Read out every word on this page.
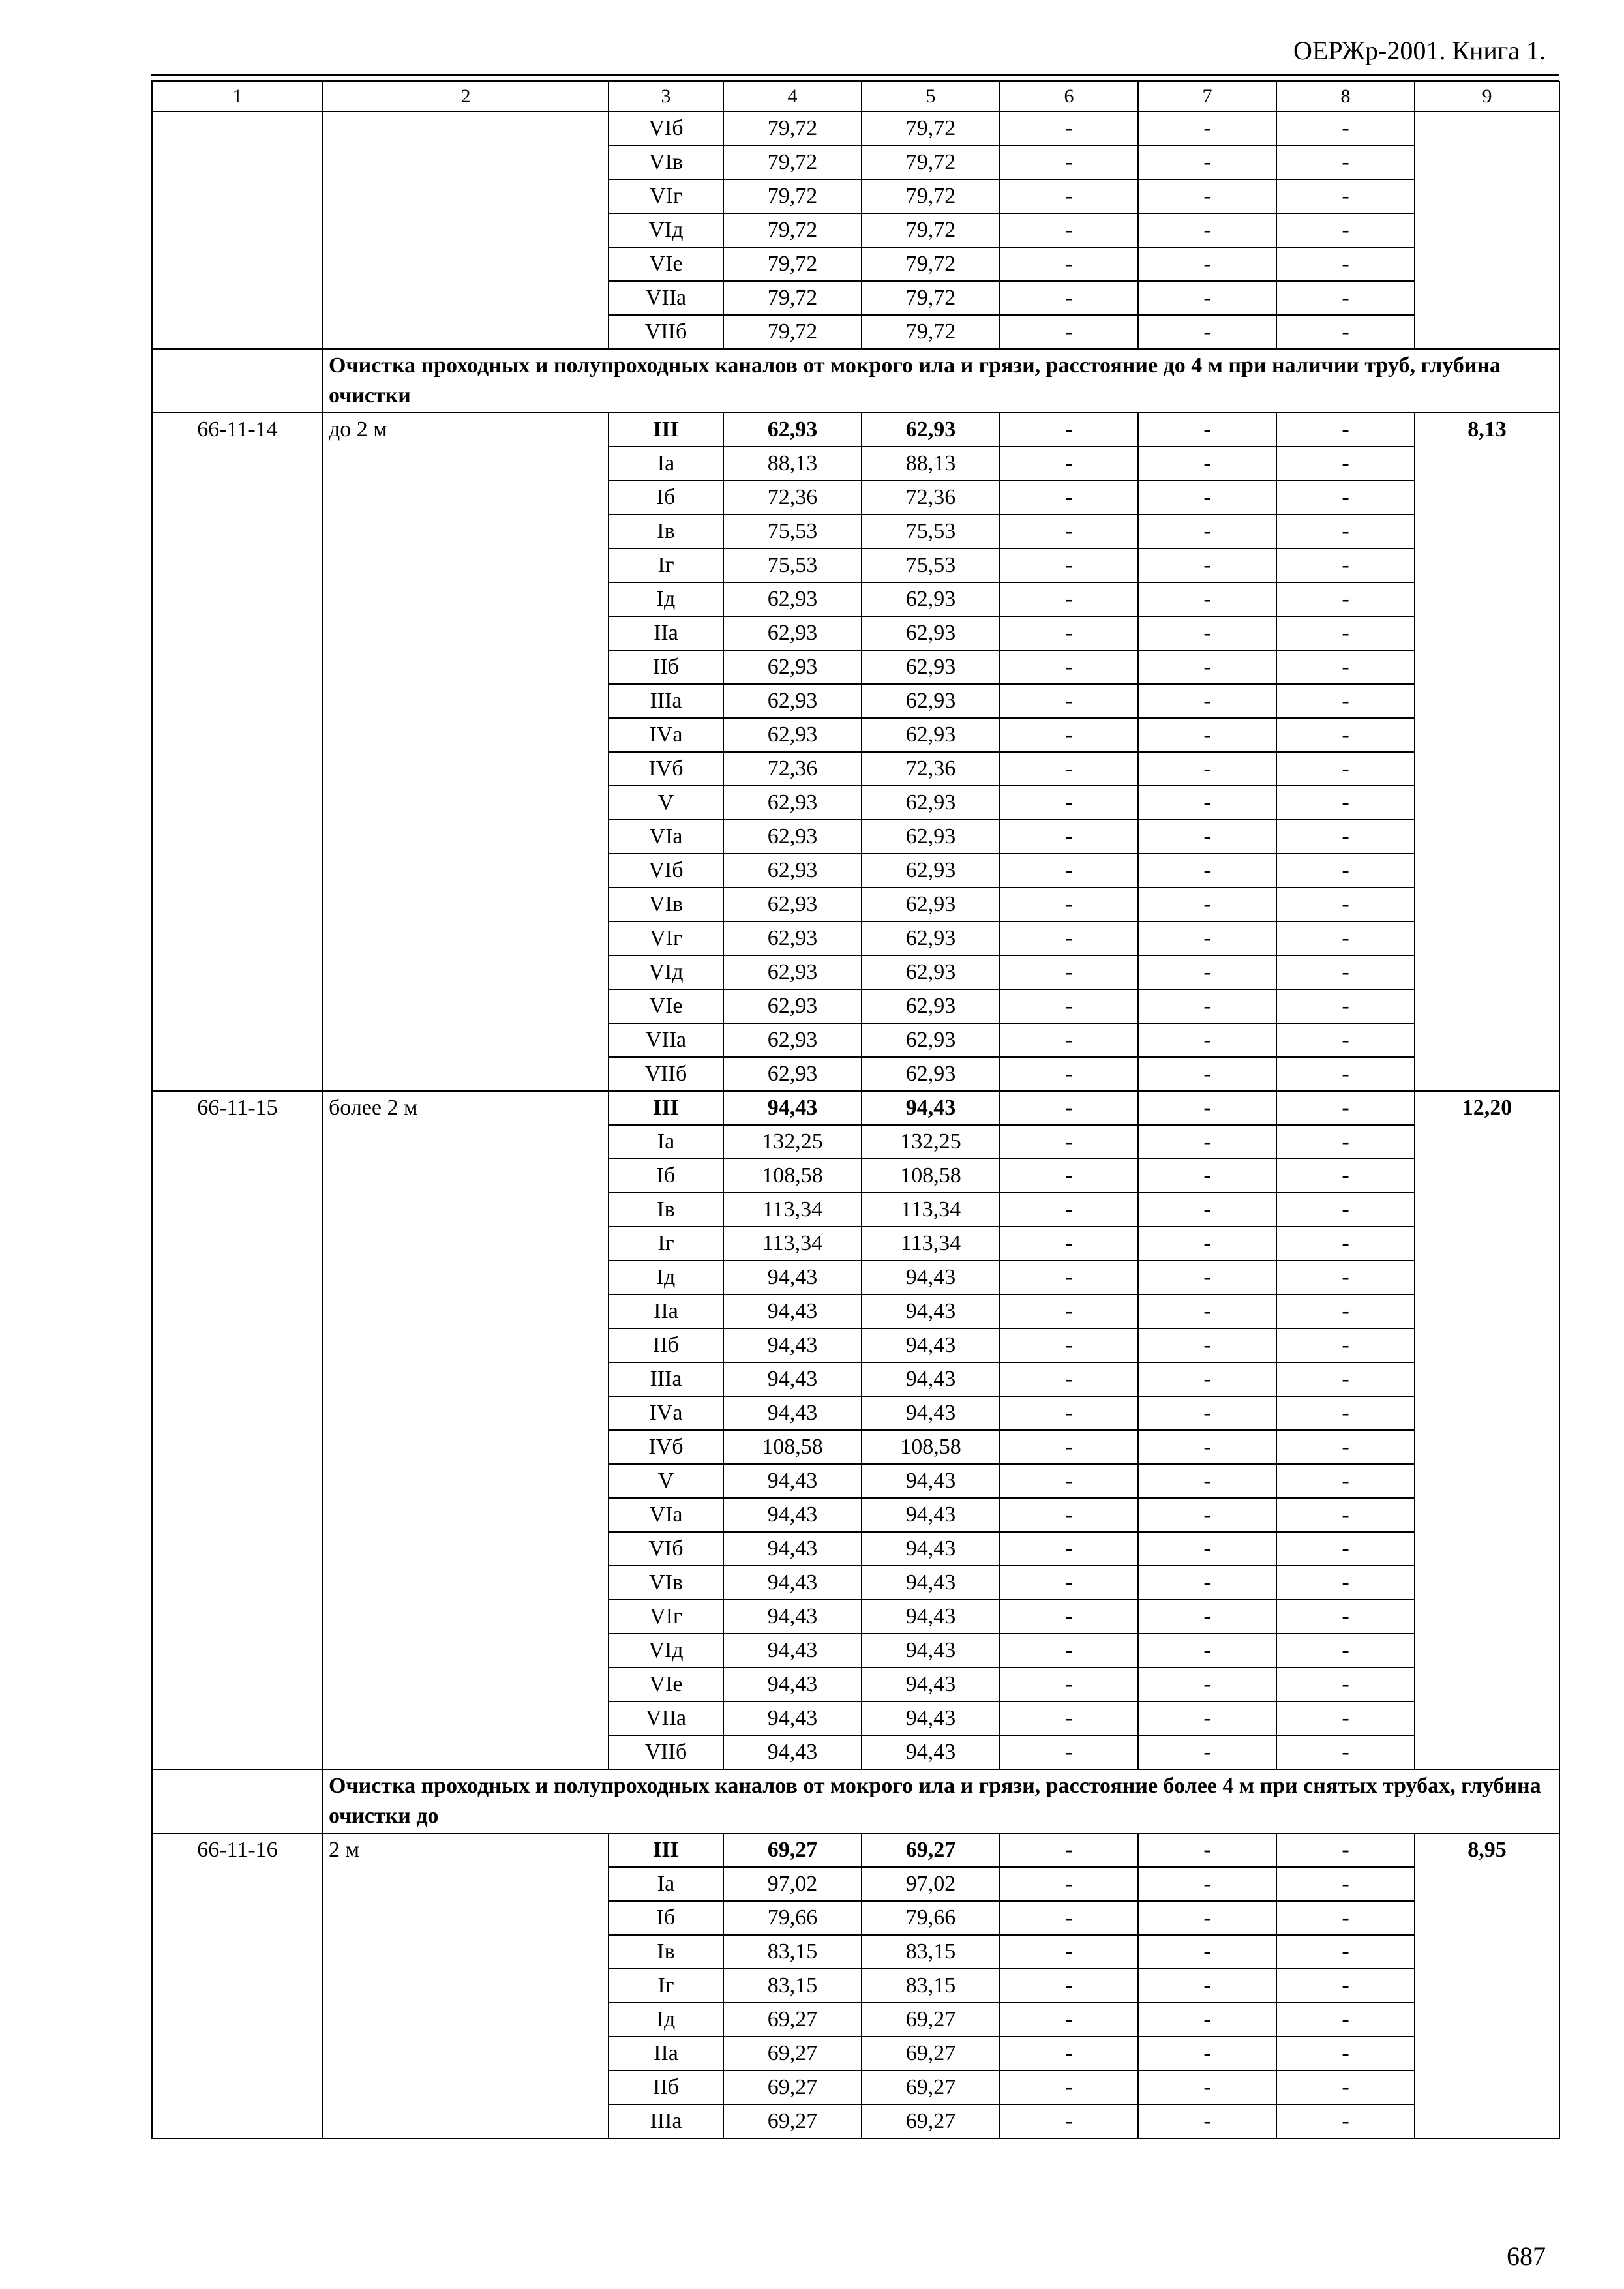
ОЕРЖр-2001. Книга 1.
1	2	3	4	5	6	7	8	9
		VIб	79,72	79,72	-	-	-	
		VIв	79,72	79,72	-	-	-	
		VIг	79,72	79,72	-	-	-	
		VIд	79,72	79,72	-	-	-	
		VIе	79,72	79,72	-	-	-	
		VIIа	79,72	79,72	-	-	-	
		VIIб	79,72	79,72	-	-	-	
	Очистка проходных и полупроходных каналов от мокрого ила и грязи, расстояние до 4 м при наличии труб, глубина очистки							
66-11-14	до 2 м	III	62,93	62,93	-	-	-	8,13
		Iа	88,13	88,13	-	-	-	
		Iб	72,36	72,36	-	-	-	
		Iв	75,53	75,53	-	-	-	
		Iг	75,53	75,53	-	-	-	
		Iд	62,93	62,93	-	-	-	
		IIа	62,93	62,93	-	-	-	
		IIб	62,93	62,93	-	-	-	
		IIIа	62,93	62,93	-	-	-	
		IVа	62,93	62,93	-	-	-	
		IVб	72,36	72,36	-	-	-	
		V	62,93	62,93	-	-	-	
		VIа	62,93	62,93	-	-	-	
		VIб	62,93	62,93	-	-	-	
		VIв	62,93	62,93	-	-	-	
		VIг	62,93	62,93	-	-	-	
		VIд	62,93	62,93	-	-	-	
		VIе	62,93	62,93	-	-	-	
		VIIа	62,93	62,93	-	-	-	
		VIIб	62,93	62,93	-	-	-	
66-11-15	более 2 м	III	94,43	94,43	-	-	-	12,20
		Iа	132,25	132,25	-	-	-	
		Iб	108,58	108,58	-	-	-	
		Iв	113,34	113,34	-	-	-	
		Iг	113,34	113,34	-	-	-	
		Iд	94,43	94,43	-	-	-	
		IIа	94,43	94,43	-	-	-	
		IIб	94,43	94,43	-	-	-	
		IIIа	94,43	94,43	-	-	-	
		IVа	94,43	94,43	-	-	-	
		IVб	108,58	108,58	-	-	-	
		V	94,43	94,43	-	-	-	
		VIа	94,43	94,43	-	-	-	
		VIб	94,43	94,43	-	-	-	
		VIв	94,43	94,43	-	-	-	
		VIг	94,43	94,43	-	-	-	
		VIд	94,43	94,43	-	-	-	
		VIе	94,43	94,43	-	-	-	
		VIIа	94,43	94,43	-	-	-	
		VIIб	94,43	94,43	-	-	-	
	Очистка проходных и полупроходных каналов от мокрого ила и грязи, расстояние более 4 м при снятых трубах, глубина очистки до							
66-11-16	2 м	III	69,27	69,27	-	-	-	8,95
		Iа	97,02	97,02	-	-	-	
		Iб	79,66	79,66	-	-	-	
		Iв	83,15	83,15	-	-	-	
		Iг	83,15	83,15	-	-	-	
		Iд	69,27	69,27	-	-	-	
		IIа	69,27	69,27	-	-	-	
		IIб	69,27	69,27	-	-	-	
		IIIа	69,27	69,27	-	-	-	
687
